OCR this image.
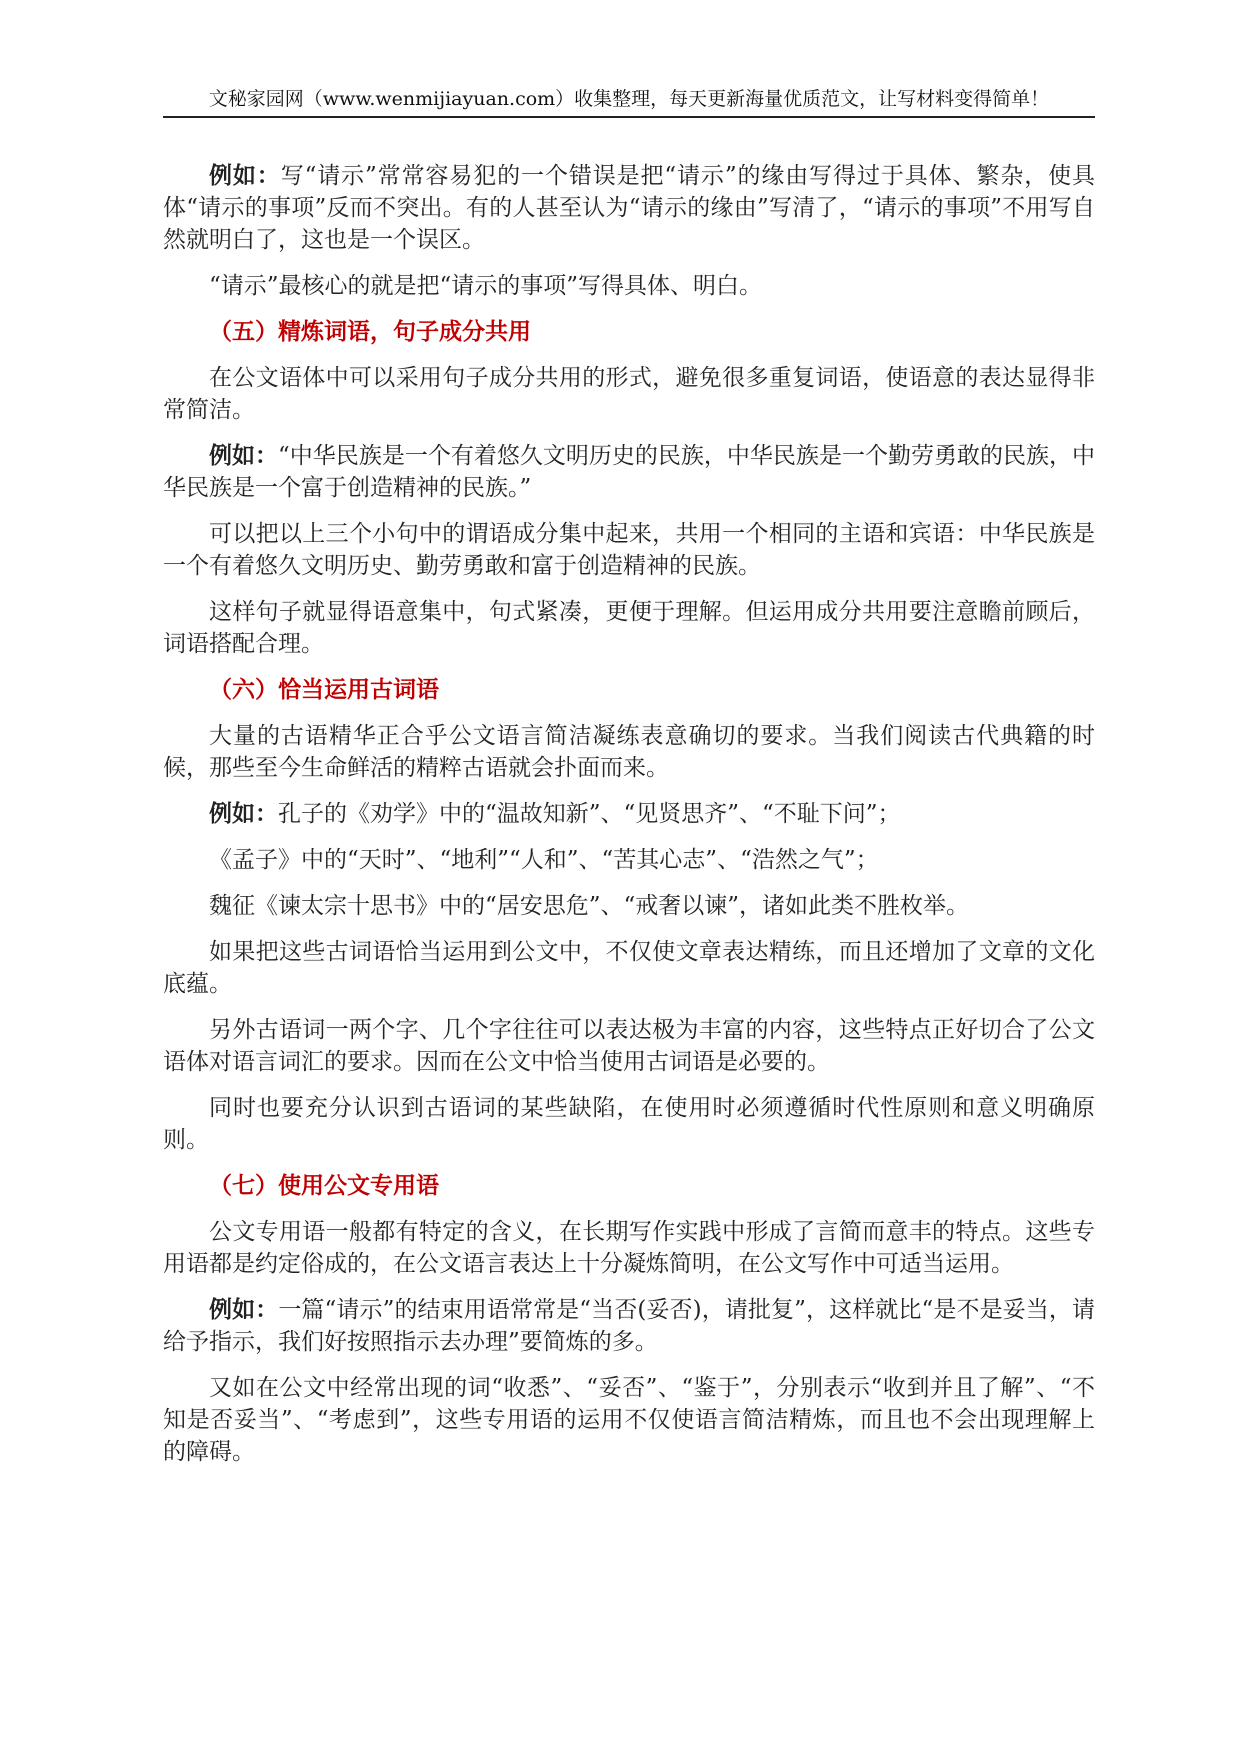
文秘家园网（www.wenmijiayuan.com）收集整理，每天更新海量优质范文，让写材料变得简单！

例如：写“请示”常常容易犯的一个错误是把“请示”的缘由写得过于具体、繁杂，使具体“请示的事项”反而不突出。有的人甚至认为“请示的缘由”写清了，“请示的事项”不用写自然就明白了，这也是一个误区。

“请示”最核心的就是把“请示的事项”写得具体、明白。

（五）精炼词语，句子成分共用

在公文语体中可以采用句子成分共用的形式，避免很多重复词语，使语意的表达显得非常简洁。

例如：“中华民族是一个有着悠久文明历史的民族，中华民族是一个勤劳勇敢的民族，中华民族是一个富于创造精神的民族。”

可以把以上三个小句中的谓语成分集中起来，共用一个相同的主语和宾语：中华民族是一个有着悠久文明历史、勤劳勇敢和富于创造精神的民族。

这样句子就显得语意集中，句式紧凑，更便于理解。但运用成分共用要注意瞻前顾后，词语搭配合理。

（六）恰当运用古词语

大量的古语精华正合乎公文语言简洁凝练表意确切的要求。当我们阅读古代典籍的时候，那些至今生命鲜活的精粹古语就会扑面而来。

例如：孔子的《劝学》中的“温故知新”、“见贤思齐”、“不耻下问”；

《孟子》中的“天时”、“地利”“人和”、“苦其心志”、“浩然之气”；

魏征《谏太宗十思书》中的“居安思危”、“戒奢以谏”，诸如此类不胜枚举。

如果把这些古词语恰当运用到公文中，不仅使文章表达精练，而且还增加了文章的文化底蕴。

另外古语词一两个字、几个字往往可以表达极为丰富的内容，这些特点正好切合了公文语体对语言词汇的要求。因而在公文中恰当使用古词语是必要的。

同时也要充分认识到古语词的某些缺陷，在使用时必须遵循时代性原则和意义明确原则。

（七）使用公文专用语

公文专用语一般都有特定的含义，在长期写作实践中形成了言简而意丰的特点。这些专用语都是约定俗成的，在公文语言表达上十分凝炼简明，在公文写作中可适当运用。

例如：一篇“请示”的结束用语常常是“当否(妥否)，请批复”，这样就比“是不是妥当，请给予指示，我们好按照指示去办理”要简炼的多。

又如在公文中经常出现的词“收悉”、“妥否”、“鉴于”，分别表示“收到并且了解”、“不知是否妥当”、“考虑到”，这些专用语的运用不仅使语言简洁精炼，而且也不会出现理解上的障碍。
